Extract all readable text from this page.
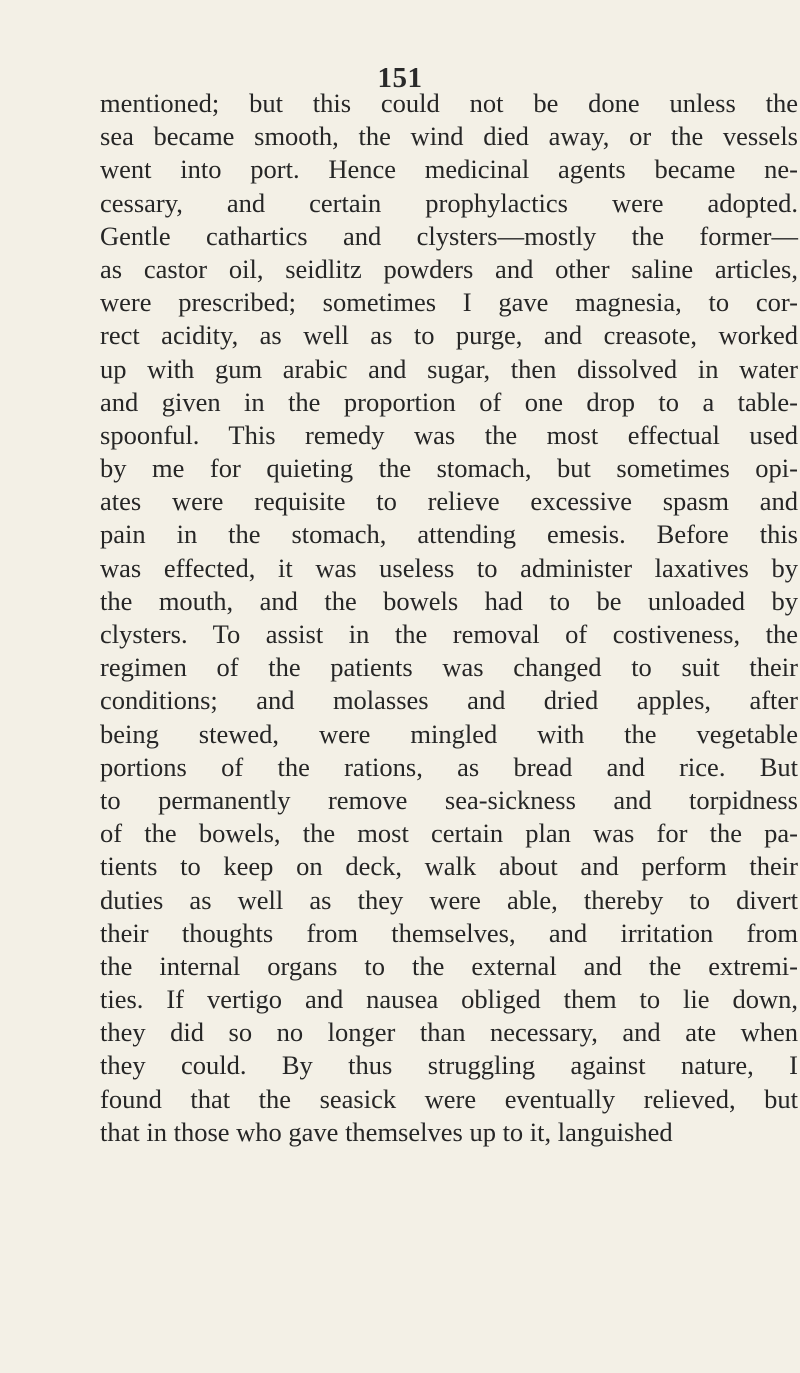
151
mentioned; but this could not be done unless the
sea became smooth, the wind died away, or the vessels
went into port. Hence medicinal agents became ne-
cessary, and certain prophylactics were adopted.
Gentle cathartics and clysters—mostly the former—
as castor oil, seidlitz powders and other saline articles,
were prescribed; sometimes I gave magnesia, to cor-
rect acidity, as well as to purge, and creasote, worked
up with gum arabic and sugar, then dissolved in water
and given in the proportion of one drop to a table-
spoonful. This remedy was the most effectual used
by me for quieting the stomach, but sometimes opi-
ates were requisite to relieve excessive spasm and
pain in the stomach, attending emesis. Before this
was effected, it was useless to administer laxatives by
the mouth, and the bowels had to be unloaded by
clysters. To assist in the removal of costiveness, the
regimen of the patients was changed to suit their
conditions; and molasses and dried apples, after
being stewed, were mingled with the vegetable
portions of the rations, as bread and rice. But
to permanently remove sea-sickness and torpidness
of the bowels, the most certain plan was for the pa-
tients to keep on deck, walk about and perform their
duties as well as they were able, thereby to divert
their thoughts from themselves, and irritation from
the internal organs to the external and the extremi-
ties. If vertigo and nausea obliged them to lie down,
they did so no longer than necessary, and ate when
they could. By thus struggling against nature, I
found that the seasick were eventually relieved, but
that in those who gave themselves up to it, languished
